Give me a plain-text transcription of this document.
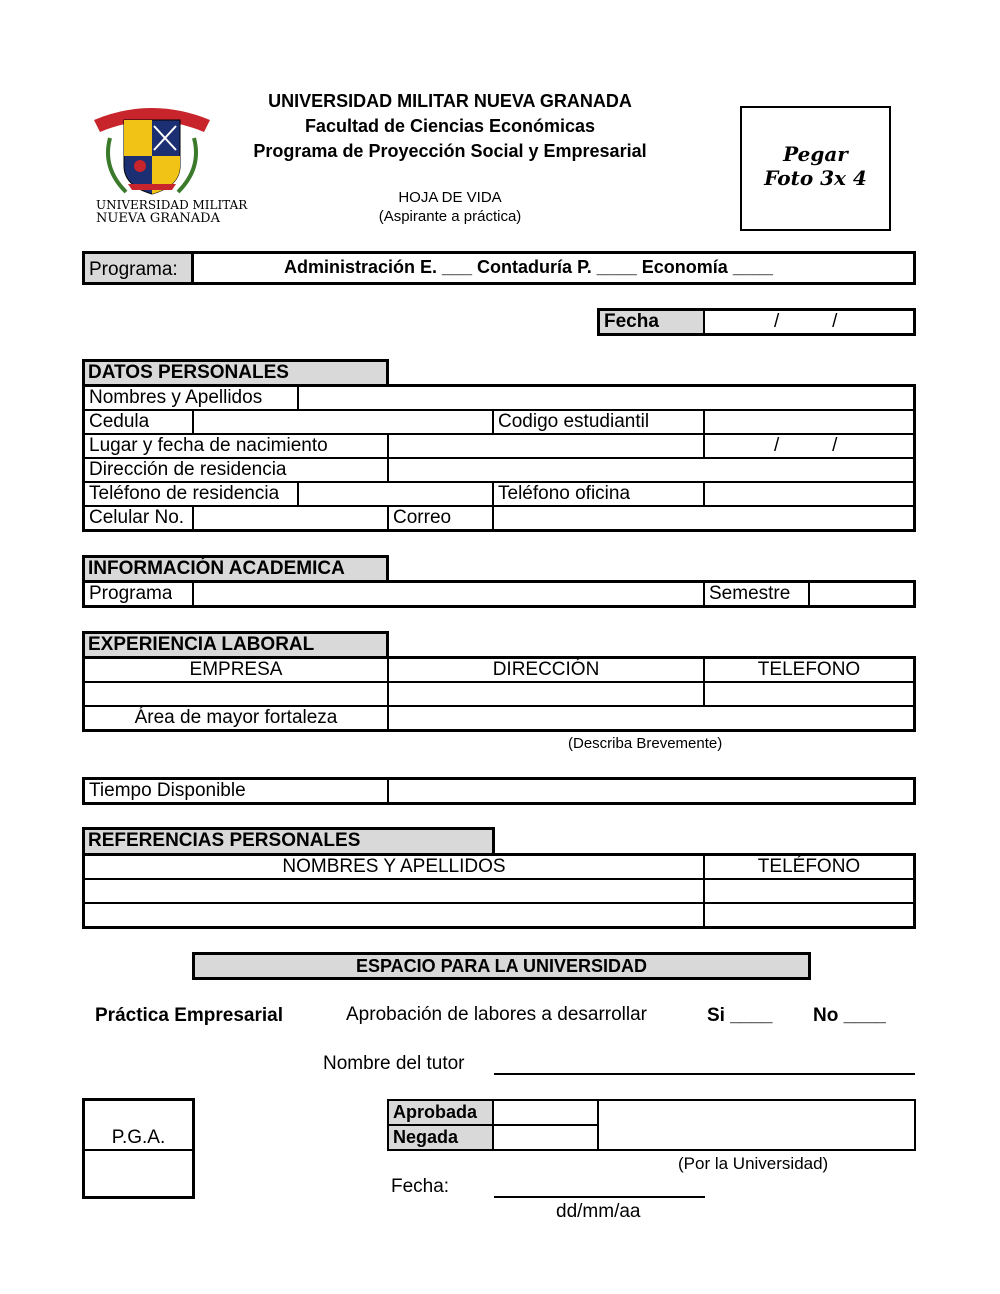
SCIENTIÆ · PATRIÆ · FAMILIÆ
UNIVERSIDAD MILITAR
NUEVA GRANADA
UNIVERSIDAD MILITAR NUEVA GRANADA
Facultad de Ciencias Económicas
Programa de Proyección Social y Empresarial
HOJA DE VIDA
(Aspirante a práctica)
Pegar
Foto 3x 4
Programa:	Administración E. ___ Contaduría P. ____ Economía ____
Fecha	/          /
DATOS PERSONALES
Nombres y Apellidos
Cedula	Codigo estudiantil
Lugar y fecha de nacimiento	/          /
Dirección de residencia
Teléfono de residencia	Teléfono oficina
Celular No.	Correo
INFORMACIÓN ACADEMICA
Programa	Semestre
EXPERIENCIA LABORAL
EMPRESA	DIRECCIÓN	TELEFONO
Área de mayor fortaleza
(Describa Brevemente)
Tiempo Disponible
REFERENCIAS PERSONALES
NOMBRES Y APELLIDOS	TELÉFONO
ESPACIO PARA LA UNIVERSIDAD
Práctica Empresarial	Aprobación de labores a desarrollar	Si ____ No ____
Nombre del tutor
P.G.A.
Aprobada
Negada
(Por la Universidad)
Fecha:
dd/mm/aa
